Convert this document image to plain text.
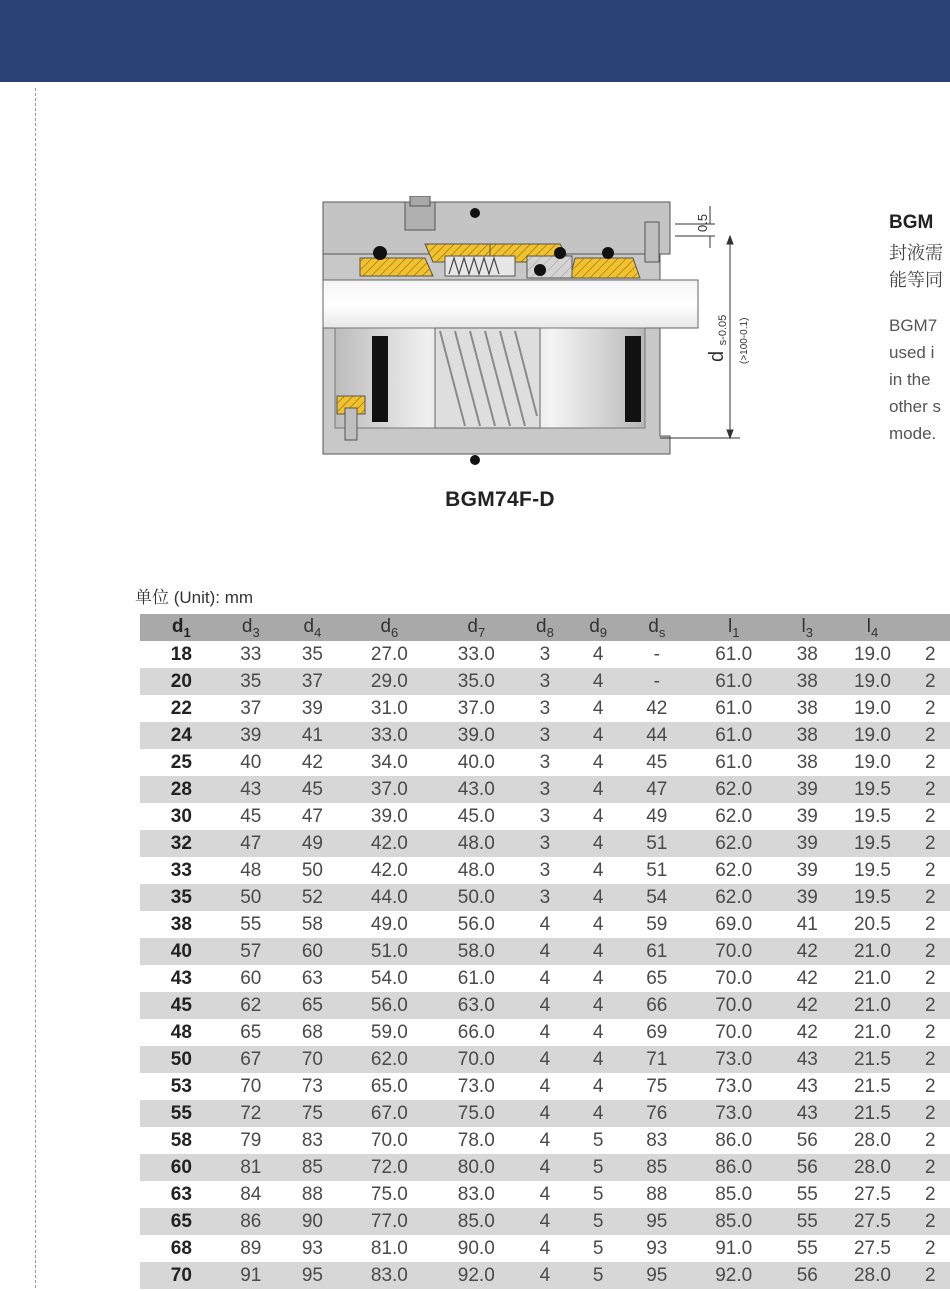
0.5
d s-0.05 (>100-0.1)
BGM74F-D

BGM

封液需
能等同
BGM7
used i
in the
other s
mode.
单位 (Unit): mm
$d_1$	$d_3$	$d_4$	$d_6$	$d_7$	$d_8$	$d_9$	$d_s$	$l_1$	$l_3$	$l_4$	
18	33	35	27.0	33.0	3	4	-	61.0	38	19.0	2
20	35	37	29.0	35.0	3	4	-	61.0	38	19.0	2
22	37	39	31.0	37.0	3	4	42	61.0	38	19.0	2
24	39	41	33.0	39.0	3	4	44	61.0	38	19.0	2
25	40	42	34.0	40.0	3	4	45	61.0	38	19.0	2
28	43	45	37.0	43.0	3	4	47	62.0	39	19.5	2
30	45	47	39.0	45.0	3	4	49	62.0	39	19.5	2
32	47	49	42.0	48.0	3	4	51	62.0	39	19.5	2
33	48	50	42.0	48.0	3	4	51	62.0	39	19.5	2
35	50	52	44.0	50.0	3	4	54	62.0	39	19.5	2
38	55	58	49.0	56.0	4	4	59	69.0	41	20.5	2
40	57	60	51.0	58.0	4	4	61	70.0	42	21.0	2
43	60	63	54.0	61.0	4	4	65	70.0	42	21.0	2
45	62	65	56.0	63.0	4	4	66	70.0	42	21.0	2
48	65	68	59.0	66.0	4	4	69	70.0	42	21.0	2
50	67	70	62.0	70.0	4	4	71	73.0	43	21.5	2
53	70	73	65.0	73.0	4	4	75	73.0	43	21.5	2
55	72	75	67.0	75.0	4	4	76	73.0	43	21.5	2
58	79	83	70.0	78.0	4	5	83	86.0	56	28.0	2
60	81	85	72.0	80.0	4	5	85	86.0	56	28.0	2
63	84	88	75.0	83.0	4	5	88	85.0	55	27.5	2
65	86	90	77.0	85.0	4	5	95	85.0	55	27.5	2
68	89	93	81.0	90.0	4	5	93	91.0	55	27.5	2
70	91	95	83.0	92.0	4	5	95	92.0	56	28.0	2
